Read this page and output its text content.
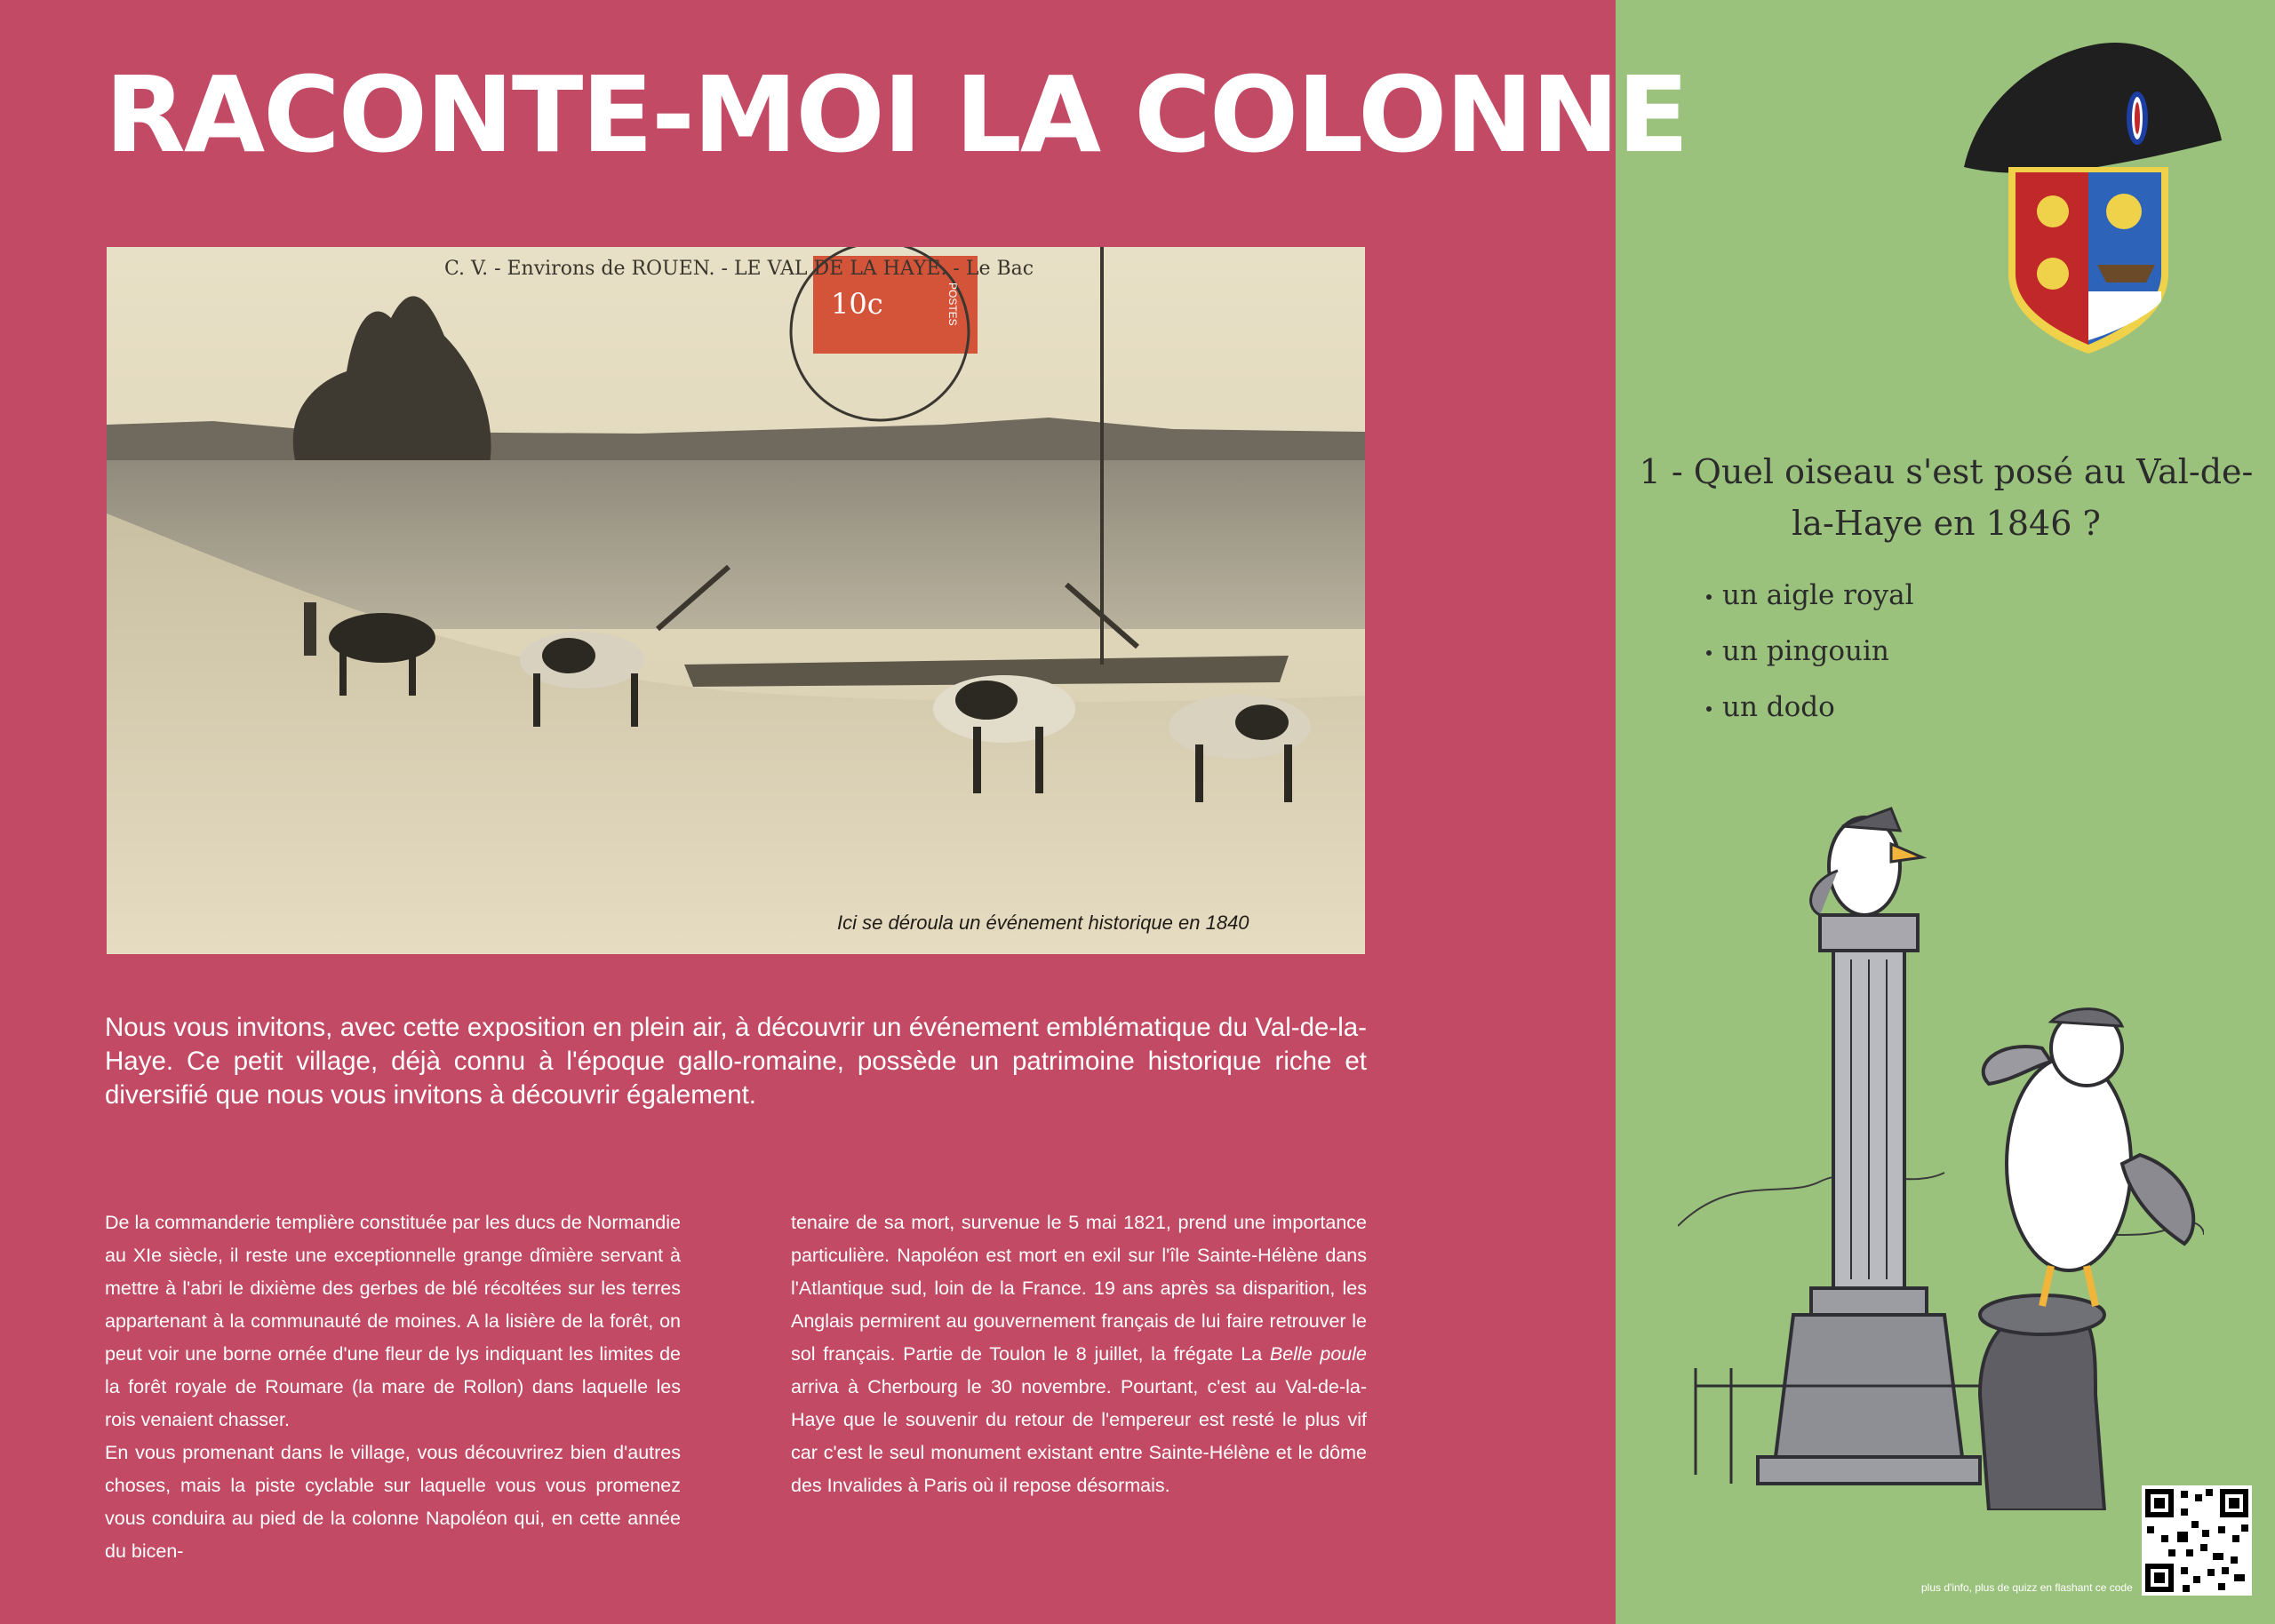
RACONTE-MOI LA COLONNE
C. V. - Environs de ROUEN. - LE VAL DE LA HAYE. - Le Bac
10c	POSTES
Ici se déroula un événement historique en 1840
Nous vous invitons, avec cette exposition en plein air, à découvrir un événement emblématique du Val-de-la-Haye. Ce petit village, déjà connu à l'époque gallo-romaine, possède un patrimoine historique riche et diversifié que nous vous invitons à découvrir également.

De la commanderie templière constituée par les ducs de Normandie au XIe siècle, il reste une exceptionnelle grange dîmière servant à mettre à l'abri le dixième des gerbes de blé récoltées sur les terres appartenant à la communauté de moines. A la lisière de la forêt, on peut voir une borne ornée d'une fleur de lys indiquant les limites de la forêt royale de Roumare (la mare de Rollon) dans laquelle les rois venaient chasser.

En vous promenant dans le village, vous découvrirez bien d'autres choses, mais la piste cyclable sur laquelle vous vous promenez vous conduira au pied de la colonne Napoléon qui, en cette année du bicen-

tenaire de sa mort, survenue le 5 mai 1821, prend une importance particulière. Napoléon est mort en exil sur l'île Sainte-Hélène dans l'Atlantique sud, loin de la France. 19 ans après sa disparition, les Anglais permirent au gouvernement français de lui faire retrouver le sol français. Partie de Toulon le 8 juillet, la frégate La Belle poule arriva à Cherbourg le 30 novembre. Pourtant, c'est au Val-de-la-Haye que le souvenir du retour de l'empereur est resté le plus vif car c'est le seul monument existant entre Sainte-Hélène et le dôme des Invalides à Paris où il repose désormais.

1 - Quel oiseau s'est posé au Val-de-la-Haye en 1846 ?
un aigle royal
un pingouin
un dodo
plus d'info, plus de quizz en flashant ce code
